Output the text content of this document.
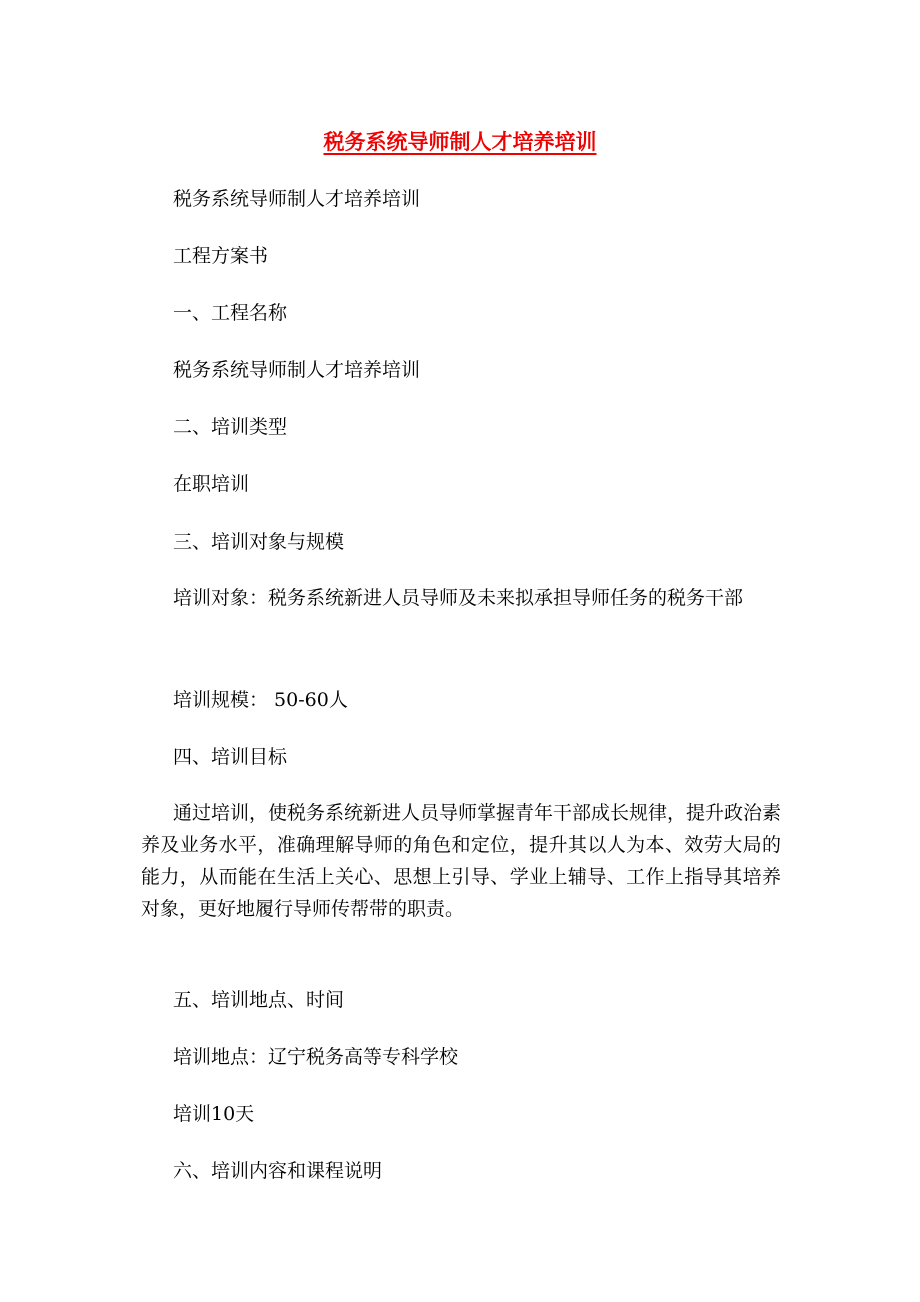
税务系统导师制人才培养培训
税务系统导师制人才培养培训
工程方案书
一、工程名称
税务系统导师制人才培养培训
二、培训类型
在职培训
三、培训对象与规模

培训对象：税务系统新进人员导师及未来拟承担导师任务的税务干部

培训规模： 50-60人
四、培训目标

通过培训，使税务系统新进人员导师掌握青年干部成长规律，提升政治素养及业务水平，准确理解导师的角色和定位，提升其以人为本、效劳大局的能力，从而能在生活上关心、思想上引导、学业上辅导、工作上指导其培养对象，更好地履行导师传帮带的职责。

五、培训地点、时间
培训地点：辽宁税务高等专科学校
培训10天
六、培训内容和课程说明
